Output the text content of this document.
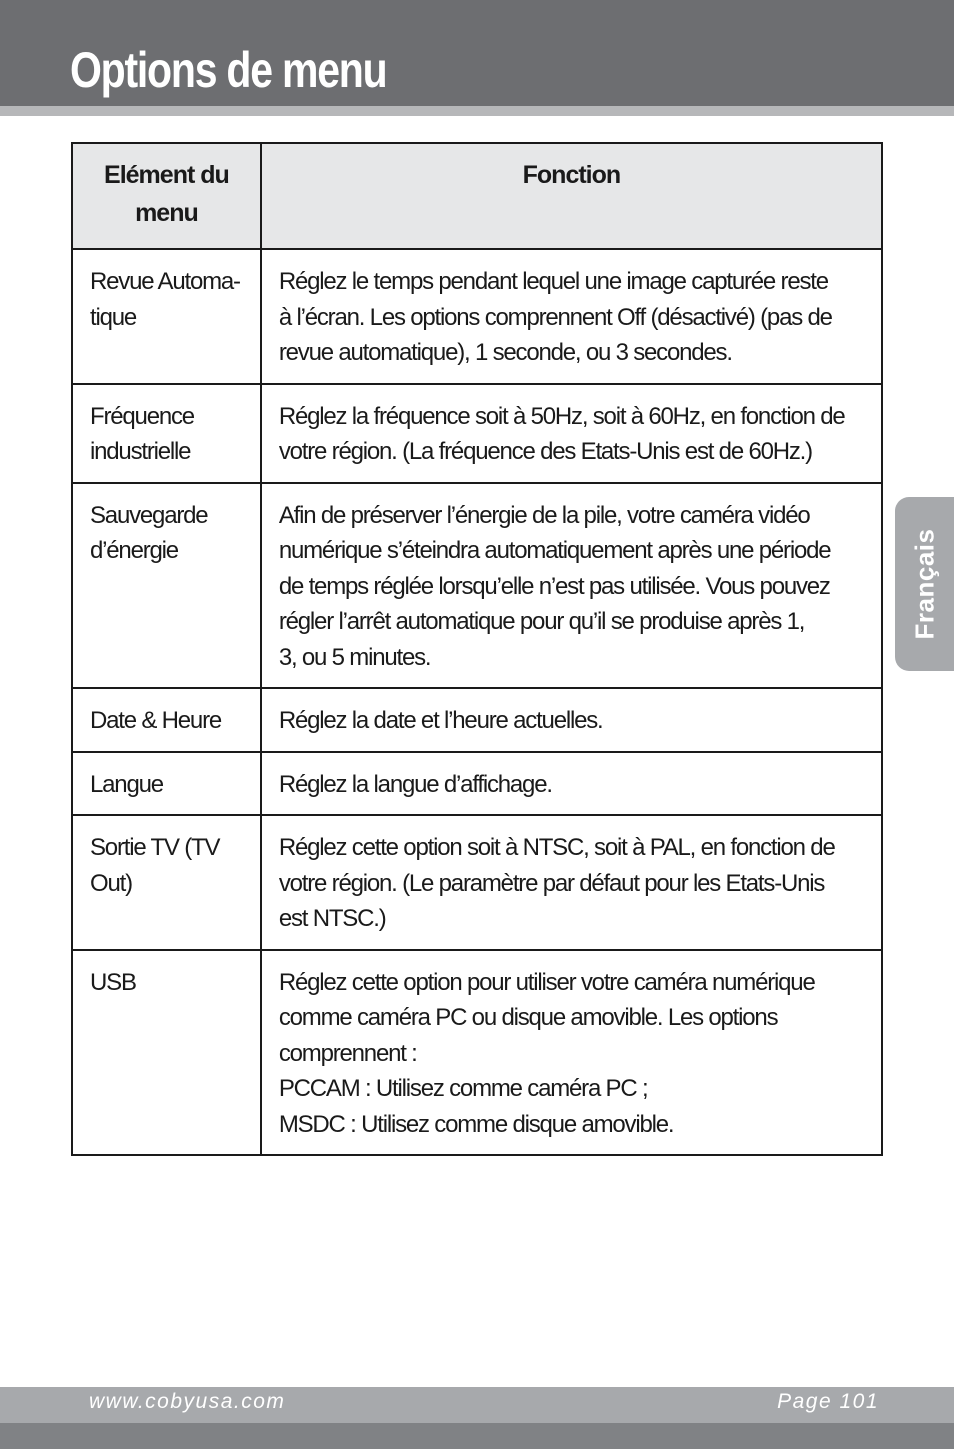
Options de menu
Elément du
menu	Fonction

Revue Automa-
tique	Réglez le temps pendant lequel une image capturée reste
à l’écran. Les options comprennent Off (désactivé) (pas de
revue automatique), 1 seconde, ou 3 secondes.

Fréquence
industrielle	Réglez la fréquence soit à 50Hz, soit à 60Hz, en fonction de
votre région. (La fréquence des Etats-Unis est de 60Hz.)

Sauvegarde
d’énergie	Afin de préserver l’énergie de la pile, votre caméra vidéo
numérique s’éteindra automatiquement après une période
de temps réglée lorsqu’elle n’est pas utilisée. Vous pouvez
régler l’arrêt automatique pour qu’il se produise après 1,
3, ou 5 minutes.

Date & Heure	Réglez la date et l’heure actuelles.

Langue	Réglez la langue d’affichage.

Sortie TV (TV
Out)	Réglez cette option soit à NTSC, soit à PAL, en fonction de
votre région. (Le paramètre par défaut pour les Etats-Unis
est NTSC.)

USB	Réglez cette option pour utiliser votre caméra numérique
comme caméra PC ou disque amovible. Les options
comprennent :
PCCAM : Utilisez comme caméra PC ;
MSDC : Utilisez comme disque amovible.
Français
www.cobyusa.com	Page 101
